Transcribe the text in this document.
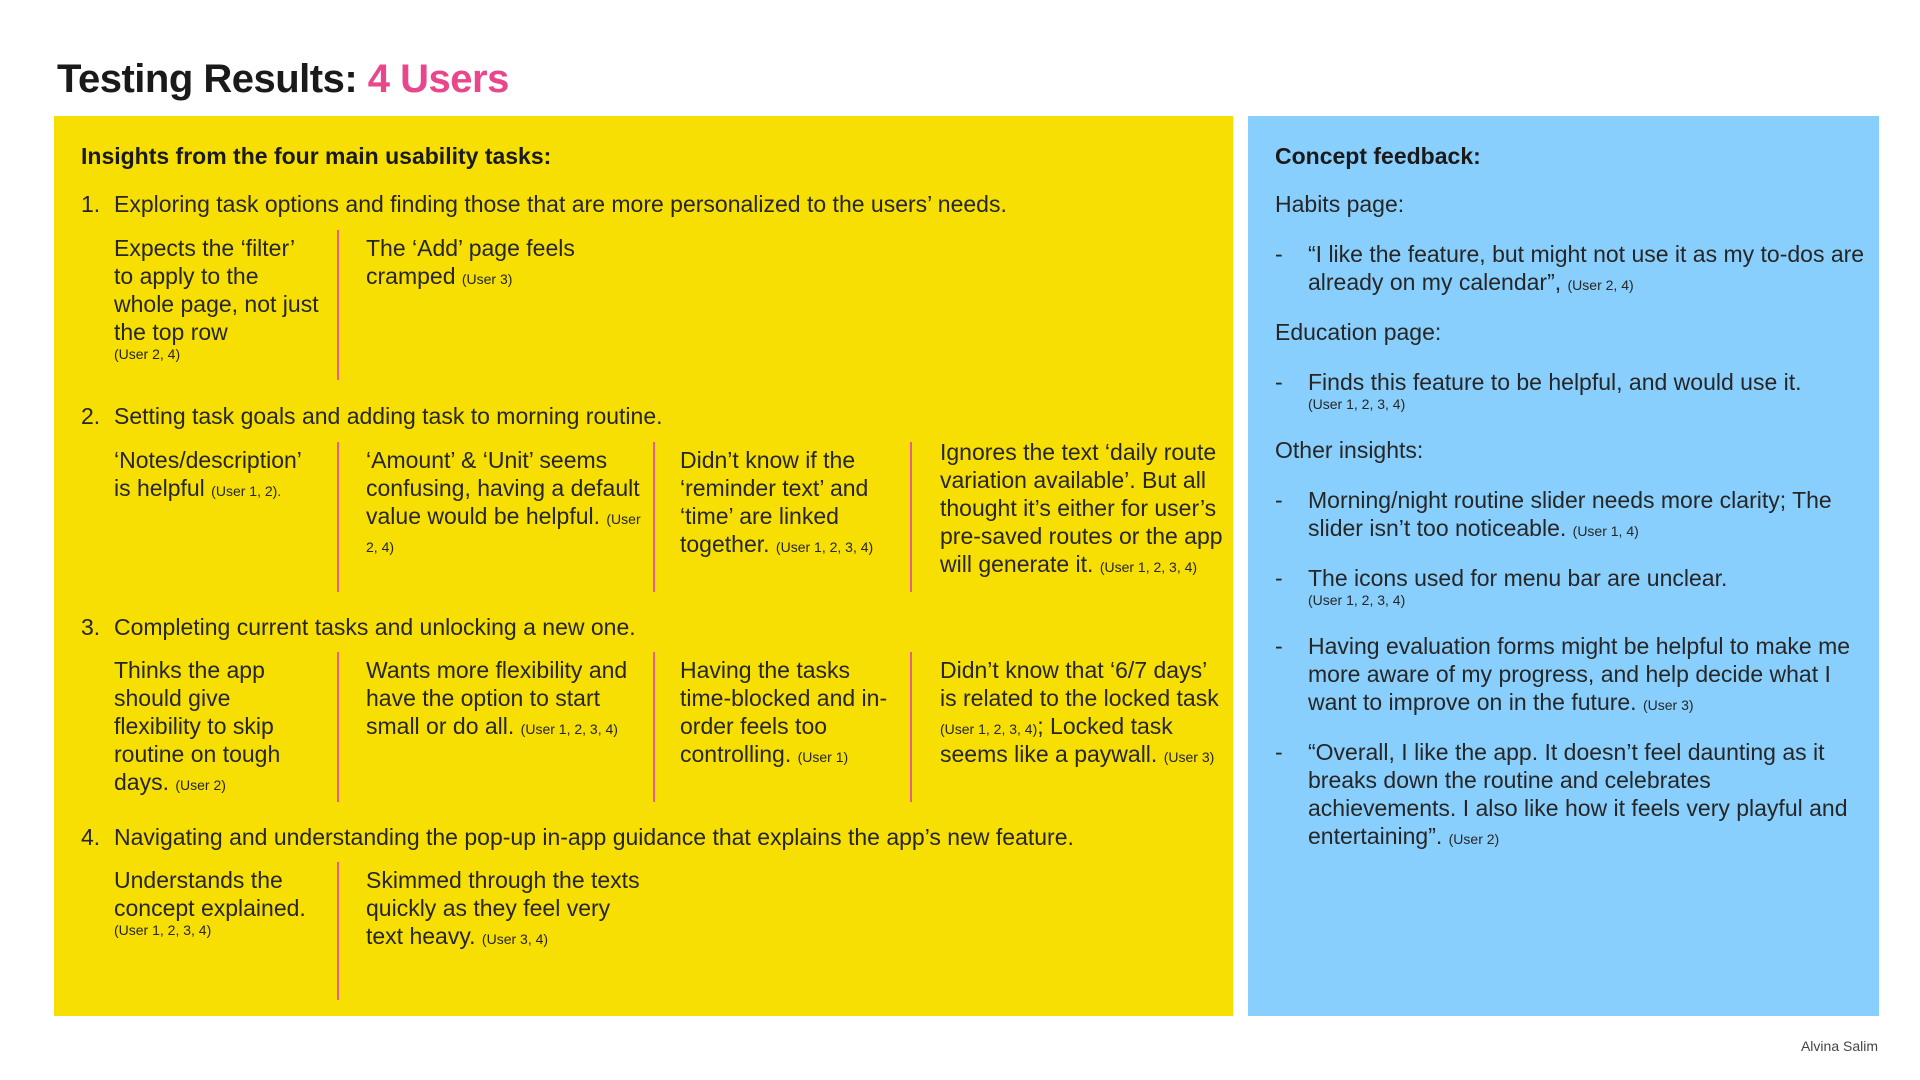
Testing Results: 4 Users
Insights from the four main usability tasks:
1. Exploring task options and finding those that are more personalized to the users’ needs.
Expects the ‘filter’ to apply to the whole page, not just the top row
(User 2, 4)
The ‘Add’ page feels cramped (User 3)
2. Setting task goals and adding task to morning routine.
‘Notes/description’ is helpful (User 1, 2).
‘Amount’ & ‘Unit’ seems confusing, having a default value would be helpful. (User 2, 4)
Didn’t know if the ‘reminder text’ and ‘time’ are linked together. (User 1, 2, 3, 4)
Ignores the text ‘daily route variation available’. But all thought it’s either for user’s pre-saved routes or the app will generate it. (User 1, 2, 3, 4)
3. Completing current tasks and unlocking a new one.
Thinks the app should give flexibility to skip routine on tough days. (User 2)
Wants more flexibility and have the option to start small or do all. (User 1, 2, 3, 4)
Having the tasks time-blocked and in-order feels too controlling. (User 1)
Didn’t know that ‘6/7 days’ is related to the locked task (User 1, 2, 3, 4); Locked task seems like a paywall. (User 3)
4. Navigating and understanding the pop-up in-app guidance that explains the app’s new feature.
Understands the concept explained.
(User 1, 2, 3, 4)
Skimmed through the texts quickly as they feel very text heavy. (User 3, 4)
Concept feedback:
Habits page:
-	“I like the feature, but might not use it as my to-dos are already on my calendar”, (User 2, 4)
Education page:
-	Finds this feature to be helpful, and would use it.
(User 1, 2, 3, 4)
Other insights:
-	Morning/night routine slider needs more clarity; The slider isn’t too noticeable. (User 1, 4)
-	The icons used for menu bar are unclear.
(User 1, 2, 3, 4)
-	Having evaluation forms might be helpful to make me more aware of my progress, and help decide what I want to improve on in the future. (User 3)
-	“Overall, I like the app. It doesn’t feel daunting as it breaks down the routine and celebrates achievements. I also like how it feels very playful and entertaining”. (User 2)
Alvina Salim
